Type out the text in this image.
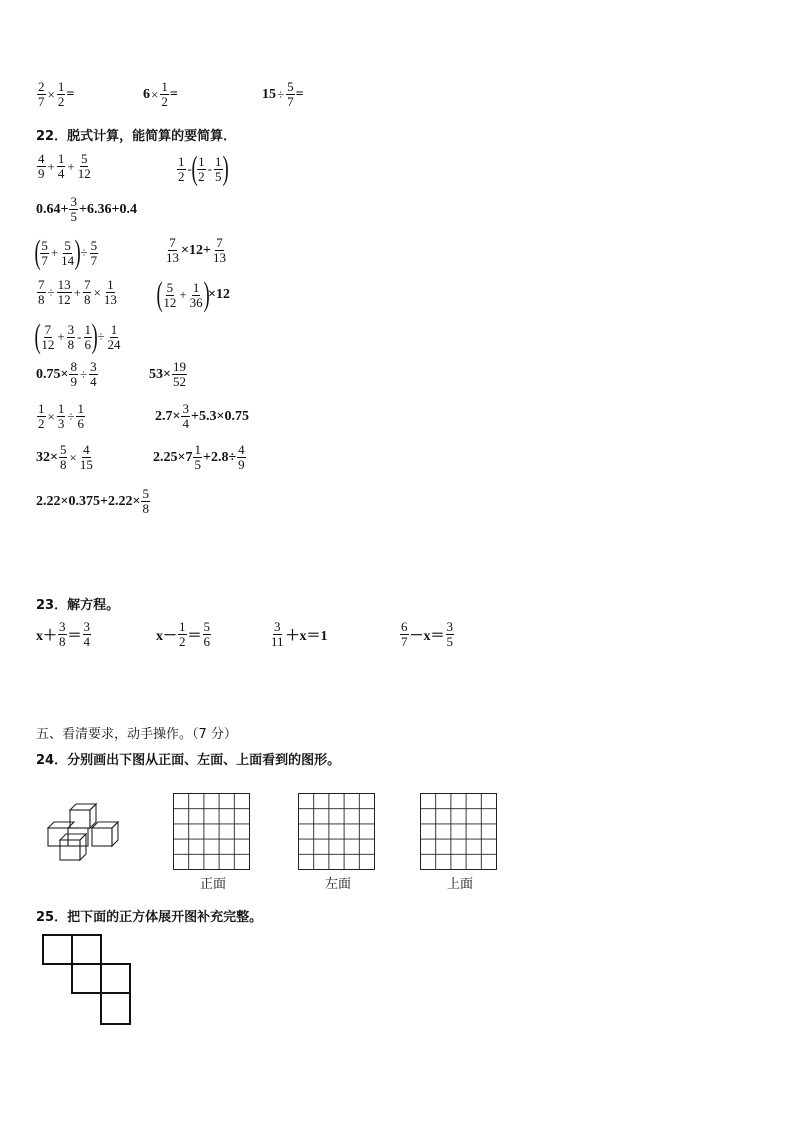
$\frac{2}{7} \times \frac{1}{2}$ =	$6 \times \frac{1}{2}$ =	$15 \div \frac{5}{7}$ =
22．脱式计算，能简算的要简算．
$\frac{4}{9} + \frac{1}{4} + \frac{5}{12}$	$\frac{1}{2}$ - ( $\frac{1}{2} - \frac{1}{5}$ )
$0.64+ \frac{3}{5} +6.36+0.4$
( $\frac{5}{7} + \frac{5}{14}$ ) ÷ $\frac{5}{7}$	$\frac{7}{13} \times 12+ \frac{7}{13}$
$\frac{7}{8} \div \frac{13}{12} + \frac{7}{8} \times \frac{1}{13}$ ( $\frac{5}{12} + \frac{1}{36}$ )
×12
( $\frac{7}{12} + \frac{3}{8} - \frac{1}{6}$ ) ÷ $\frac{1}{24}$
$0.75\times \frac{8}{9} \div \frac{3}{4}$	$53\times \frac{19}{52}$
$\frac{1}{2} \times \frac{1}{3} \div \frac{1}{6}$	$2.7\times \frac{3}{4} +5.3\times 0.75$
$32\times \frac{5}{8} \times \frac{4}{15}$	$2.25\times 7 \frac{1}{5} +2.8\div \frac{4}{9}$
$2.22\times 0.375+2.22\times \frac{5}{8}$
23．解方程。
$x+ \frac{3}{8} = \frac{3}{4}$	$x- \frac{1}{2} = \frac{5}{6}$	$\frac{3}{11} +x=1$	$\frac{6}{7} -x= \frac{3}{5}$
五、看清要求，动手操作。（7 分）
24．分别画出下图从正面、左面、上面看到的图形。
正面	左面	上面
25．把下面的正方体展开图补充完整。
